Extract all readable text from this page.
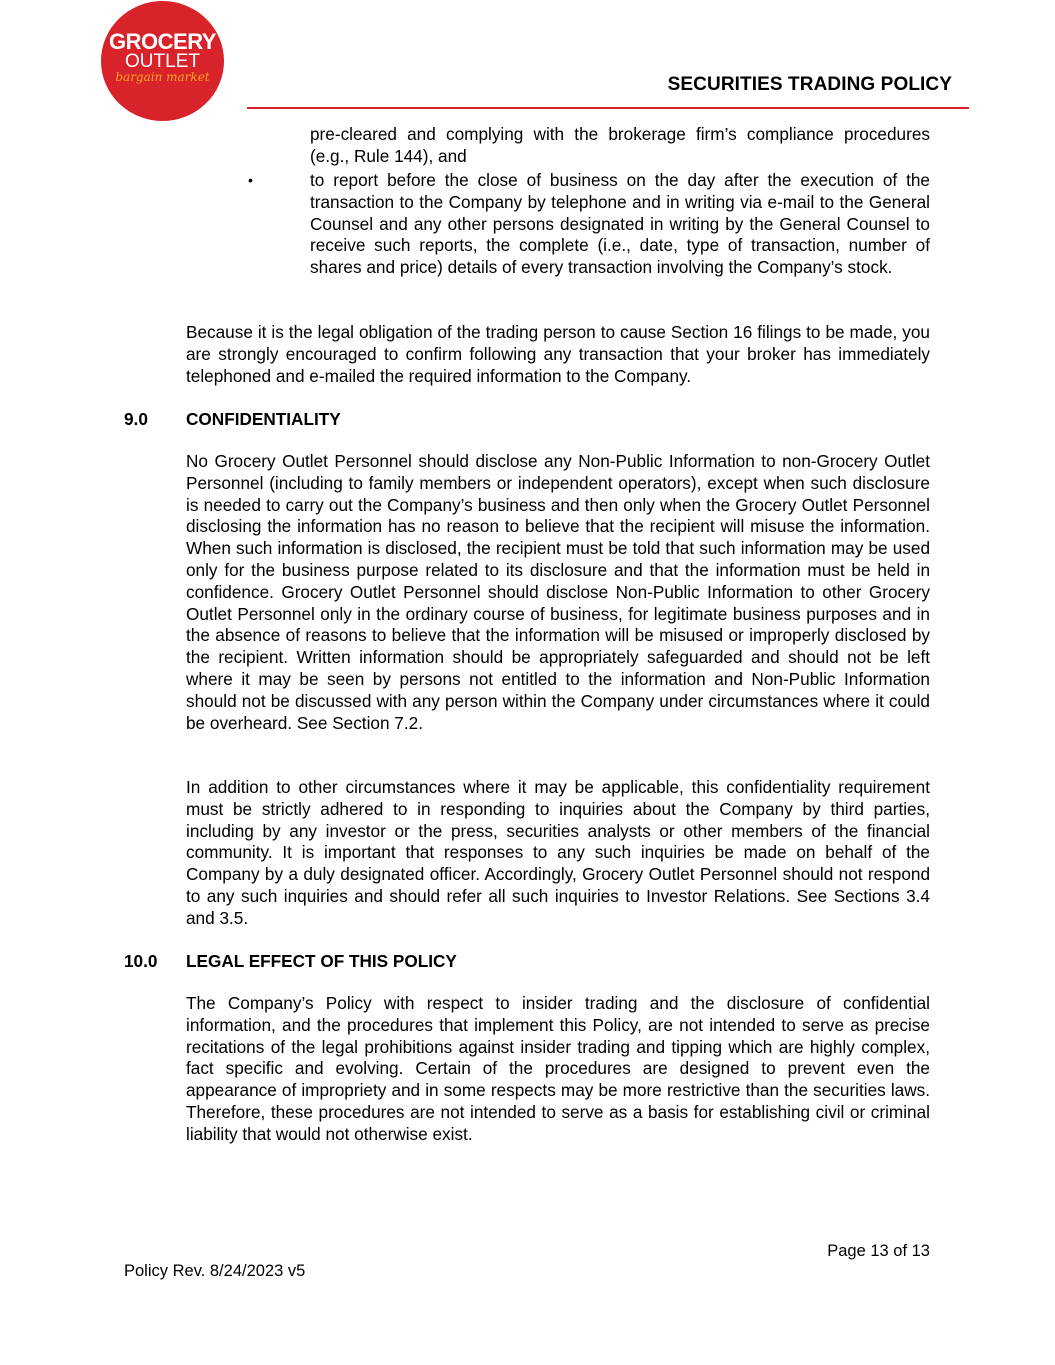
GROCERY
OUTLET
bargain market	SECURITIES TRADING POLICY

pre-cleared and complying with the brokerage firm’s compliance procedures (e.g., Rule 144), and

•	to report before the close of business on the day after the execution of the transaction to the Company by telephone and in writing via e-mail to the General Counsel and any other persons designated in writing by the General Counsel to receive such reports, the complete (i.e., date, type of transaction, number of shares and price) details of every transaction involving the Company’s stock.

Because it is the legal obligation of the trading person to cause Section 16 filings to be made, you are strongly encouraged to confirm following any transaction that your broker has immediately telephoned and e-mailed the required information to the Company.

9.0 CONFIDENTIALITY

No Grocery Outlet Personnel should disclose any Non-Public Information to non-Grocery Outlet Personnel (including to family members or independent operators), except when such disclosure is needed to carry out the Company’s business and then only when the Grocery Outlet Personnel disclosing the information has no reason to believe that the recipient will misuse the information. When such information is disclosed, the recipient must be told that such information may be used only for the business purpose related to its disclosure and that the information must be held in confidence. Grocery Outlet Personnel should disclose Non-Public Information to other Grocery Outlet Personnel only in the ordinary course of business, for legitimate business purposes and in the absence of reasons to believe that the information will be misused or improperly disclosed by the recipient. Written information should be appropriately safeguarded and should not be left where it may be seen by persons not entitled to the information and Non-Public Information should not be discussed with any person within the Company under circumstances where it could be overheard. See Section 7.2.

In addition to other circumstances where it may be applicable, this confidentiality requirement must be strictly adhered to in responding to inquiries about the Company by third parties, including by any investor or the press, securities analysts or other members of the financial community. It is important that responses to any such inquiries be made on behalf of the Company by a duly designated officer. Accordingly, Grocery Outlet Personnel should not respond to any such inquiries and should refer all such inquiries to Investor Relations. See Sections 3.4 and 3.5.

10.0 LEGAL EFFECT OF THIS POLICY

The Company’s Policy with respect to insider trading and the disclosure of confidential information, and the procedures that implement this Policy, are not intended to serve as precise recitations of the legal prohibitions against insider trading and tipping which are highly complex, fact specific and evolving. Certain of the procedures are designed to prevent even the appearance of impropriety and in some respects may be more restrictive than the securities laws. Therefore, these procedures are not intended to serve as a basis for establishing civil or criminal liability that would not otherwise exist.

Page 13 of 13
Policy Rev. 8/24/2023 v5
